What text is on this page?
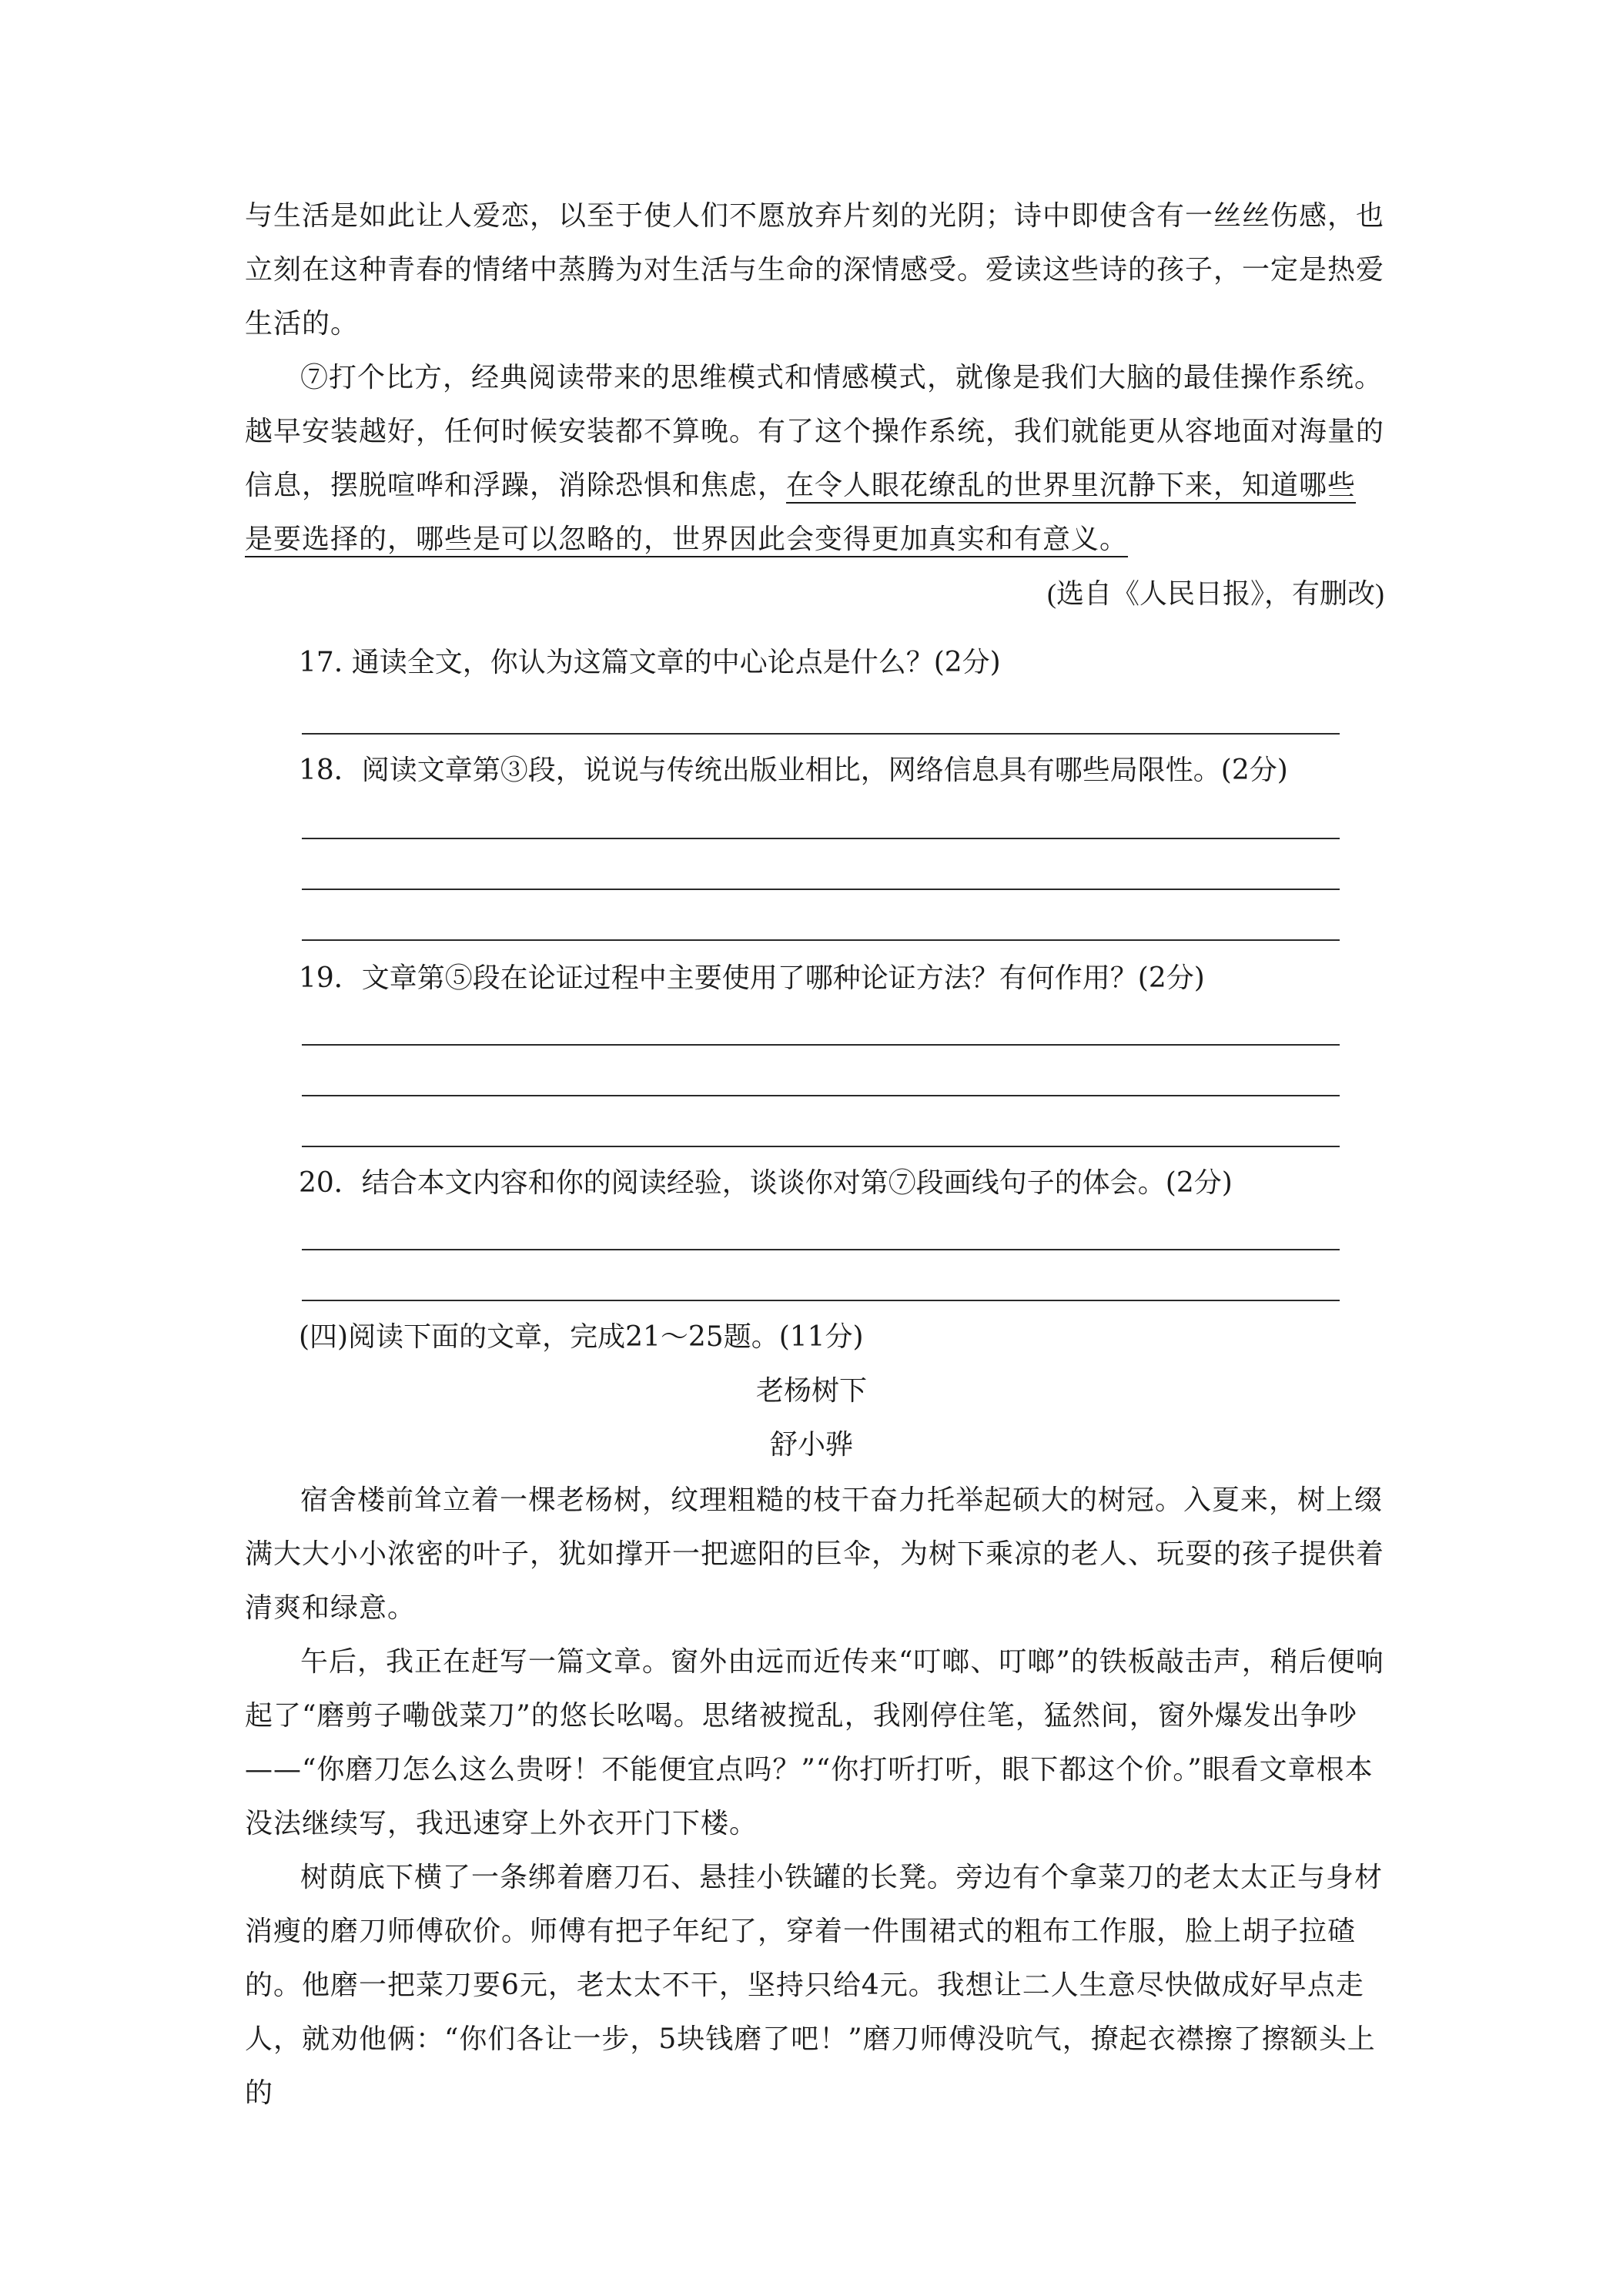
与生活是如此让人爱恋，以至于使人们不愿放弃片刻的光阴；诗中即使含有一丝丝伤感，也立刻在这种青春的情绪中蒸腾为对生活与生命的深情感受。爱读这些诗的孩子，一定是热爱生活的。

⑦打个比方，经典阅读带来的思维模式和情感模式，就像是我们大脑的最佳操作系统。越早安装越好，任何时候安装都不算晚。有了这个操作系统，我们就能更从容地面对海量的信息，摆脱喧哗和浮躁，消除恐惧和焦虑，在令人眼花缭乱的世界里沉静下来，知道哪些是要选择的，哪些是可以忽略的，世界因此会变得更加真实和有意义。

(选自《人民日报》，有删改)
17. 通读全文，你认为这篇文章的中心论点是什么？(2分)
18．阅读文章第③段，说说与传统出版业相比，网络信息具有哪些局限性。(2分)
19．文章第⑤段在论证过程中主要使用了哪种论证方法？有何作用？(2分)
20．结合本文内容和你的阅读经验，谈谈你对第⑦段画线句子的体会。(2分)
(四)阅读下面的文章，完成21～25题。(11分)
老杨树下
舒小骅

宿舍楼前耸立着一棵老杨树，纹理粗糙的枝干奋力托举起硕大的树冠。入夏来，树上缀满大大小小浓密的叶子，犹如撑开一把遮阳的巨伞，为树下乘凉的老人、玩耍的孩子提供着清爽和绿意。

午后，我正在赶写一篇文章。窗外由远而近传来“叮啷、叮啷”的铁板敲击声，稍后便响起了“磨剪子嘞戗菜刀”的悠长吆喝。思绪被搅乱，我刚停住笔，猛然间，窗外爆发出争吵——“你磨刀怎么这么贵呀！不能便宜点吗？”“你打听打听，眼下都这个价。”眼看文章根本没法继续写，我迅速穿上外衣开门下楼。

树荫底下横了一条绑着磨刀石、悬挂小铁罐的长凳。旁边有个拿菜刀的老太太正与身材消瘦的磨刀师傅砍价。师傅有把子年纪了，穿着一件围裙式的粗布工作服，脸上胡子拉碴的。他磨一把菜刀要6元，老太太不干，坚持只给4元。我想让二人生意尽快做成好早点走人，就劝他俩：“你们各让一步，5块钱磨了吧！”磨刀师傅没吭气，撩起衣襟擦了擦额头上的
